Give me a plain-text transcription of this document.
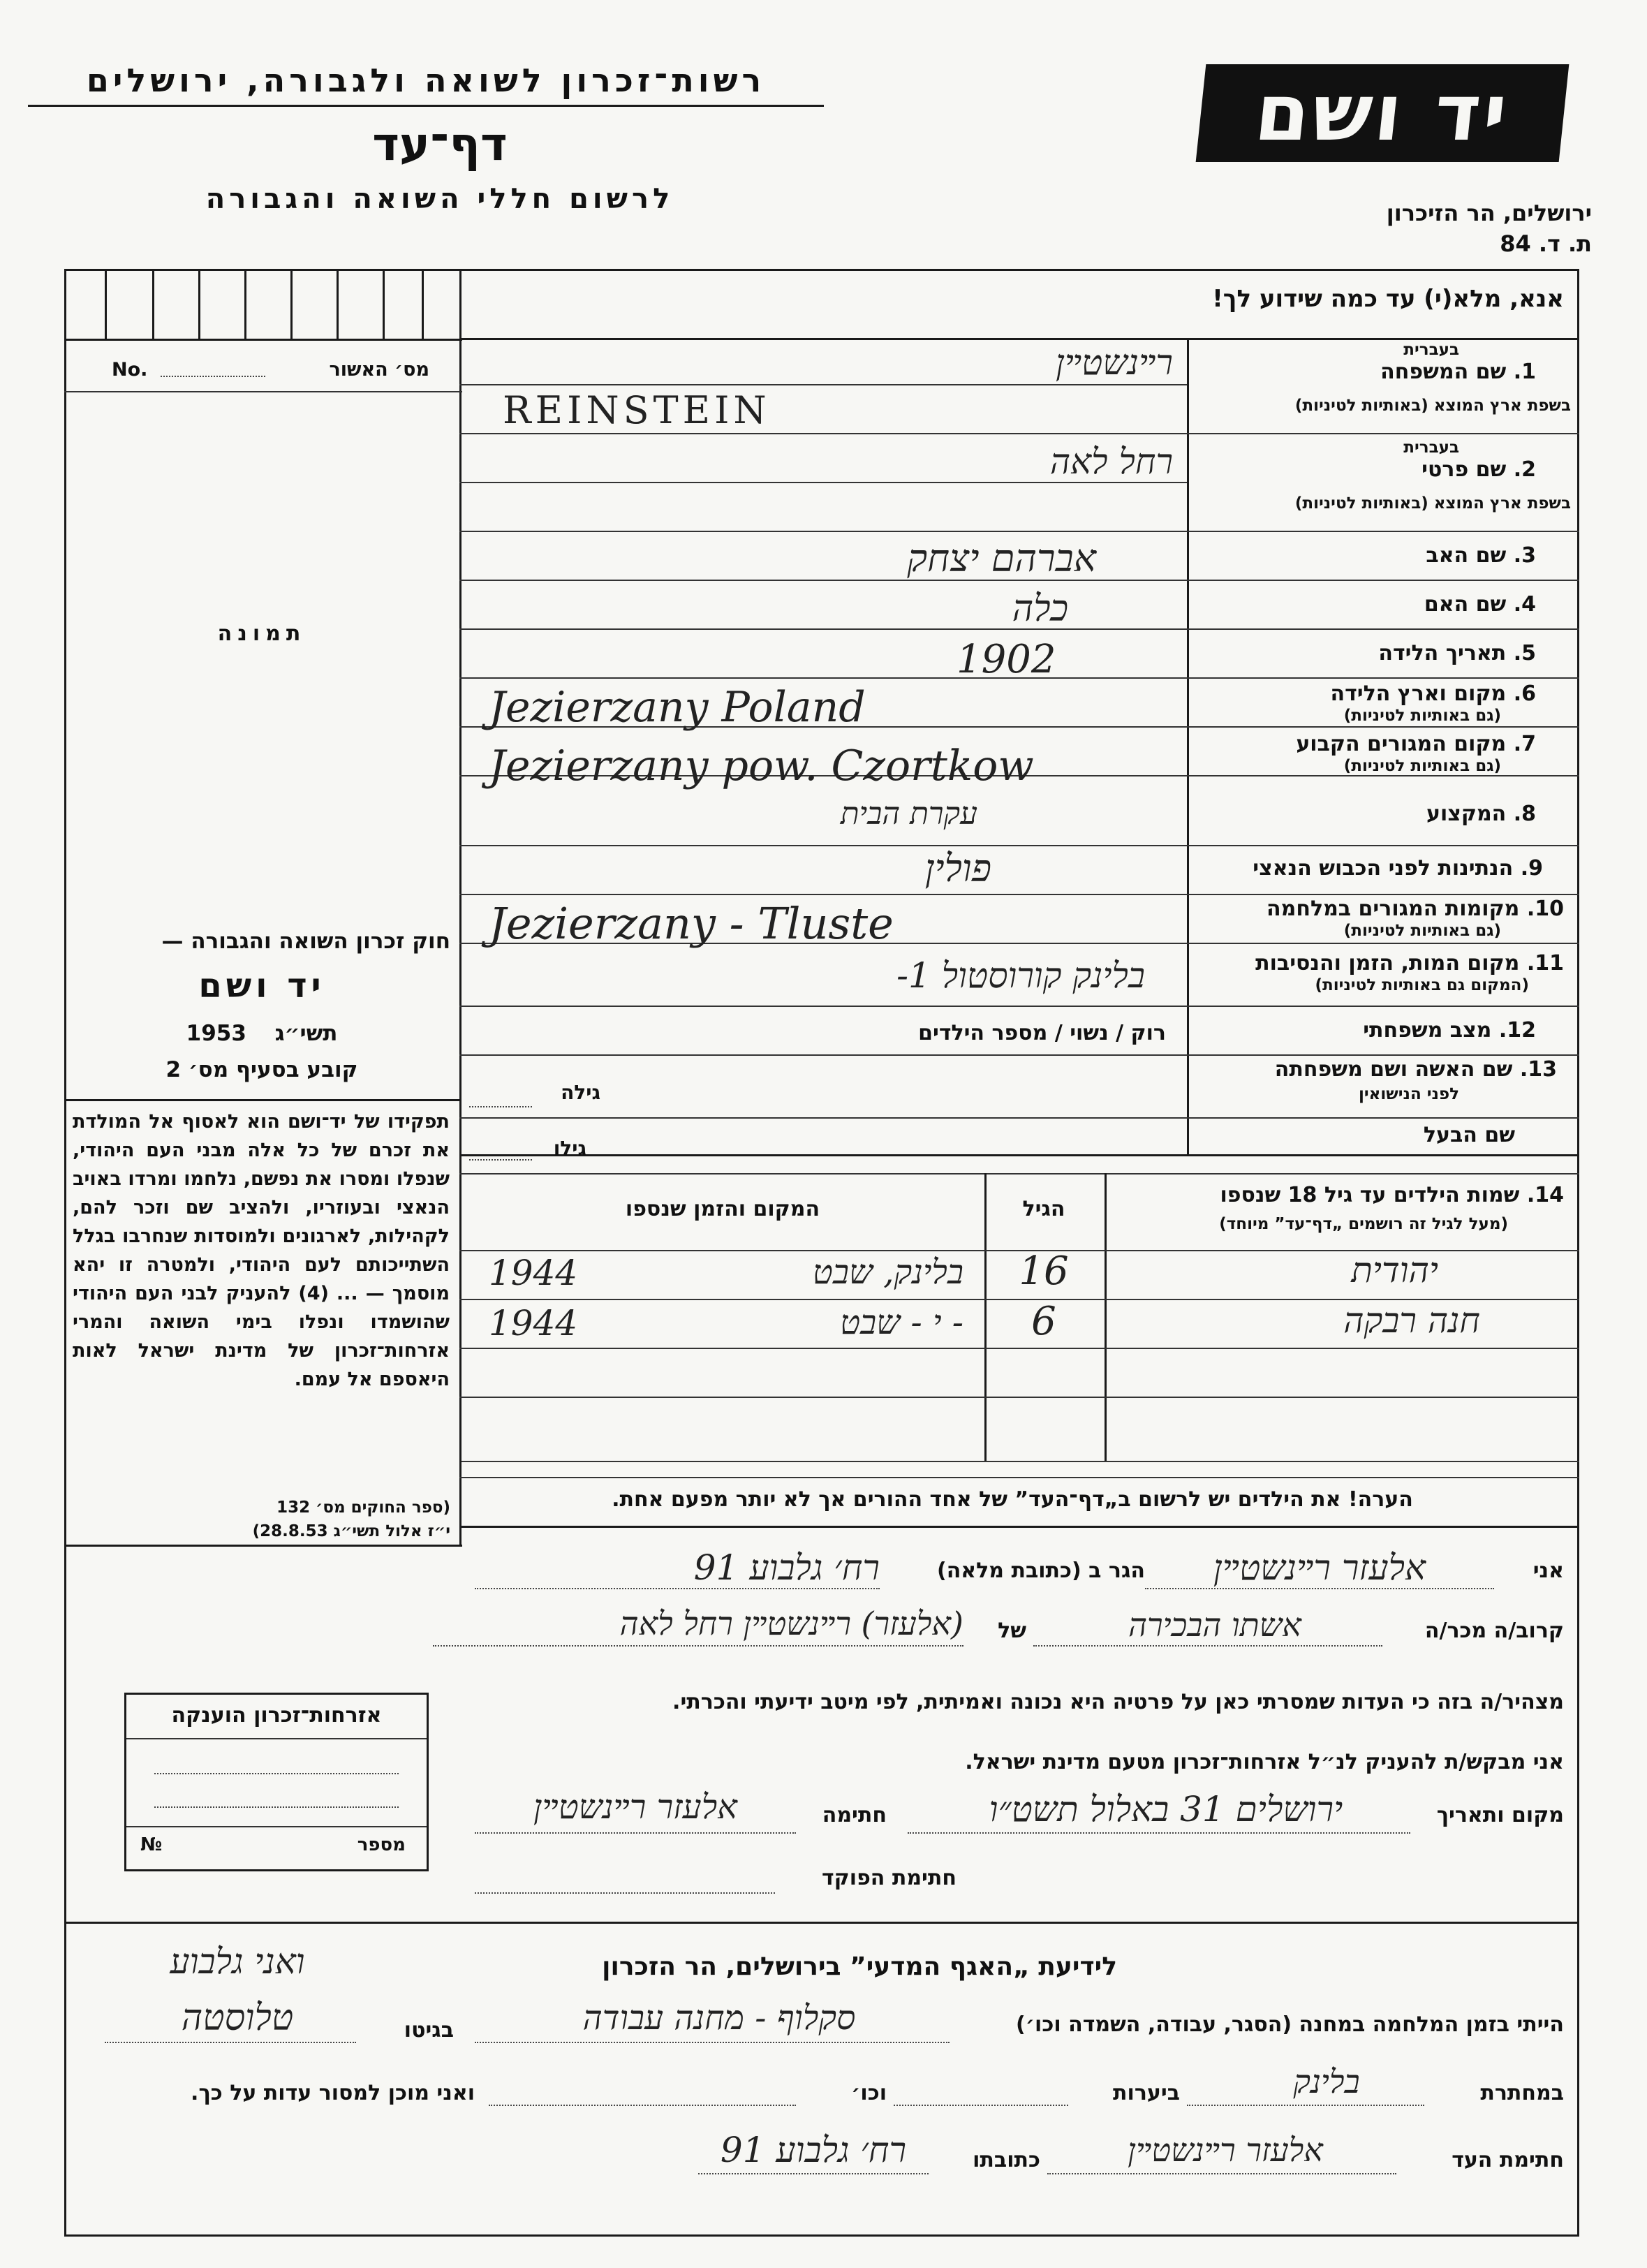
רשות־זכרון לשואה ולגבורה, ירושלים
דף־עד
לרשום חללי השואה והגבורה
יד ושם
ירושלים, הר הזיכרון
ת. ד. 84
אנא, מלא(י) עד כמה שידוע לך!
No.	מס׳ האשור
תמונה
1. שם המשפחה
בעברית
בשפת ארץ המוצא (באותיות לטיניות)
רײנשטײן
REINSTEIN
2. שם פרטי
בעברית
בשפת ארץ המוצא (באותיות לטיניות)
רחל לאה
3. שם האב
אברהם יצחק
4. שם האם
כלה
5. תאריך הלידה
1902
6. מקום וארץ הלידה
(גם באותיות לטיניות)
Jezierzany Poland
7. מקום המגורים הקבוע
(גם באותיות לטיניות)
Jezierzany pow. Czortkow
8. המקצוע
עקרת הבית
9. הנתינות לפני הכבוש הנאצי
פולין
10. מקומות המגורים במלחמה
(גם באותיות לטיניות)
Jezierzany - Tluste
11. מקום המות, הזמן והנסיבות
(המקום גם באותיות לטיניות)
בלינק קורוסטול 1-
12. מצב משפחתי
רוק / נשוי / מספר הילדים
13. שם האשה ושם משפחתה
לפני הנישואין
גילה
שם הבעל
גילו
14. שמות הילדים עד גיל 18 שנספו
(מעל לגיל זה רושמים „דף־עד” מיוחד)
הגיל
המקום והזמן שנספו
יהודית
16
בלינק, שבט
1944
חנה רבקה
6
- י - שבט
1944
חוק זכרון השואה והגבורה —
יד ושם
1953 תשי״ג
קובע בסעיף מס׳ 2
תפקידו של יד־ושם הוא לאסוף אל המולדת את זכרם של כל אלה מבני העם היהודי, שנפלו ומסרו את נפשם, נלחמו ומרדו באויב הנאצי ובעוזריו, ולהציב שם וזכר להם, לקהילות, לארגונים ולמוסדות שנחרבו בגלל השתייכותם לעם היהודי, ולמטרה זו יהא מוסמך — ... (4) להעניק לבני העם היהודי שהושמדו ונפלו בימי השואה והמרי אזרחות־זכרון של מדינת ישראל לאות היאספם אל עמם.
(ספר החוקים מס׳ 132
י״ז אלול תשי״ג 28.8.53)
הערה! את הילדים יש לרשום ב„דף־העד” של אחד ההורים אך לא יותר מפעם אחת.
אני
אלעזר רײנשטײן
הגר ב (כתובת מלאה)
רח׳ גלבוע 91
קרוב/ה מכר/ה
אשתו הבכירה
של
(אלעזר) רײנשטײן רחל לאה
מצהיר/ה בזה כי העדות שמסרתי כאן על פרטיה היא נכונה ואמיתית, לפי מיטב ידיעתי והכרתי.
אני מבקש/ת להעניק לנ״ל אזרחות־זכרון מטעם מדינת ישראל.
מקום ותאריך
ירושלים 31 באלול תשט״ו
חתימה
אלעזר רײנשטײן
חתימת הפוקד
אזרחות־זכרון הוענקה
№	מספר
לידיעת „האגף המדעי” בירושלים, הר הזכרון
ואני גלבוע
הייתי בזמן המלחמה במחנה (הסגר, עבודה, השמדה וכו׳)
סקלוף - מחנה עבודה
בגיטו
טלוסטה
במחתרת
בלינק
ביערות
וכו׳
ואני מוכן למסור עדות על כך.
חתימת העד
אלעזר רײנשטײן
כתובתו
רח׳ גלבוע 91
